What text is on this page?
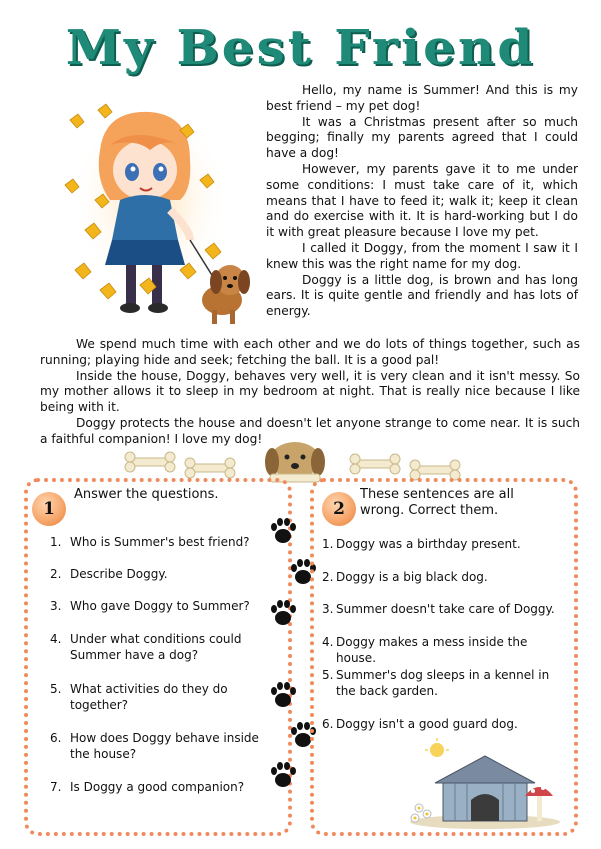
My Best Friend

Hello, my name is Summer! And this is my best friend – my pet dog!

It was a Christmas present after so much begging; finally my parents agreed that I could have a dog!

However, my parents gave it to me under some conditions: I must take care of it, which means that I have to feed it; walk it; keep it clean and do exercise with it. It is hard-working but I do it with great pleasure because I love my pet.

I called it Doggy, from the moment I saw it I knew this was the right name for my dog.

Doggy is a little dog, is brown and has long ears. It is quite gentle and friendly and has lots of energy.

We spend much time with each other and we do lots of things together, such as running; playing hide and seek; fetching the ball. It is a good pal!

Inside the house, Doggy, behaves very well, it is very clean and it isn't messy. So my mother allows it to sleep in my bedroom at night. That is really nice because I like being with it.

Doggy protects the house and doesn't let anyone strange to come near. It is such a faithful companion! I love my dog!

1
Answer the questions.
1. Who is Summer's best friend?
2. Describe Doggy.
3. Who gave Doggy to Summer?
4. Under what conditions could Summer have a dog?
5. What activities do they do together?
6. How does Doggy behave inside the house?
7. Is Doggy a good companion?
2
These sentences are all wrong. Correct them.
1. Doggy was a birthday present.
2. Doggy is a big black dog.
3. Summer doesn't take care of Doggy.
4. Doggy makes a mess inside the house.
5. Summer's dog sleeps in a kennel in the back garden.
6. Doggy isn't a good guard dog.
